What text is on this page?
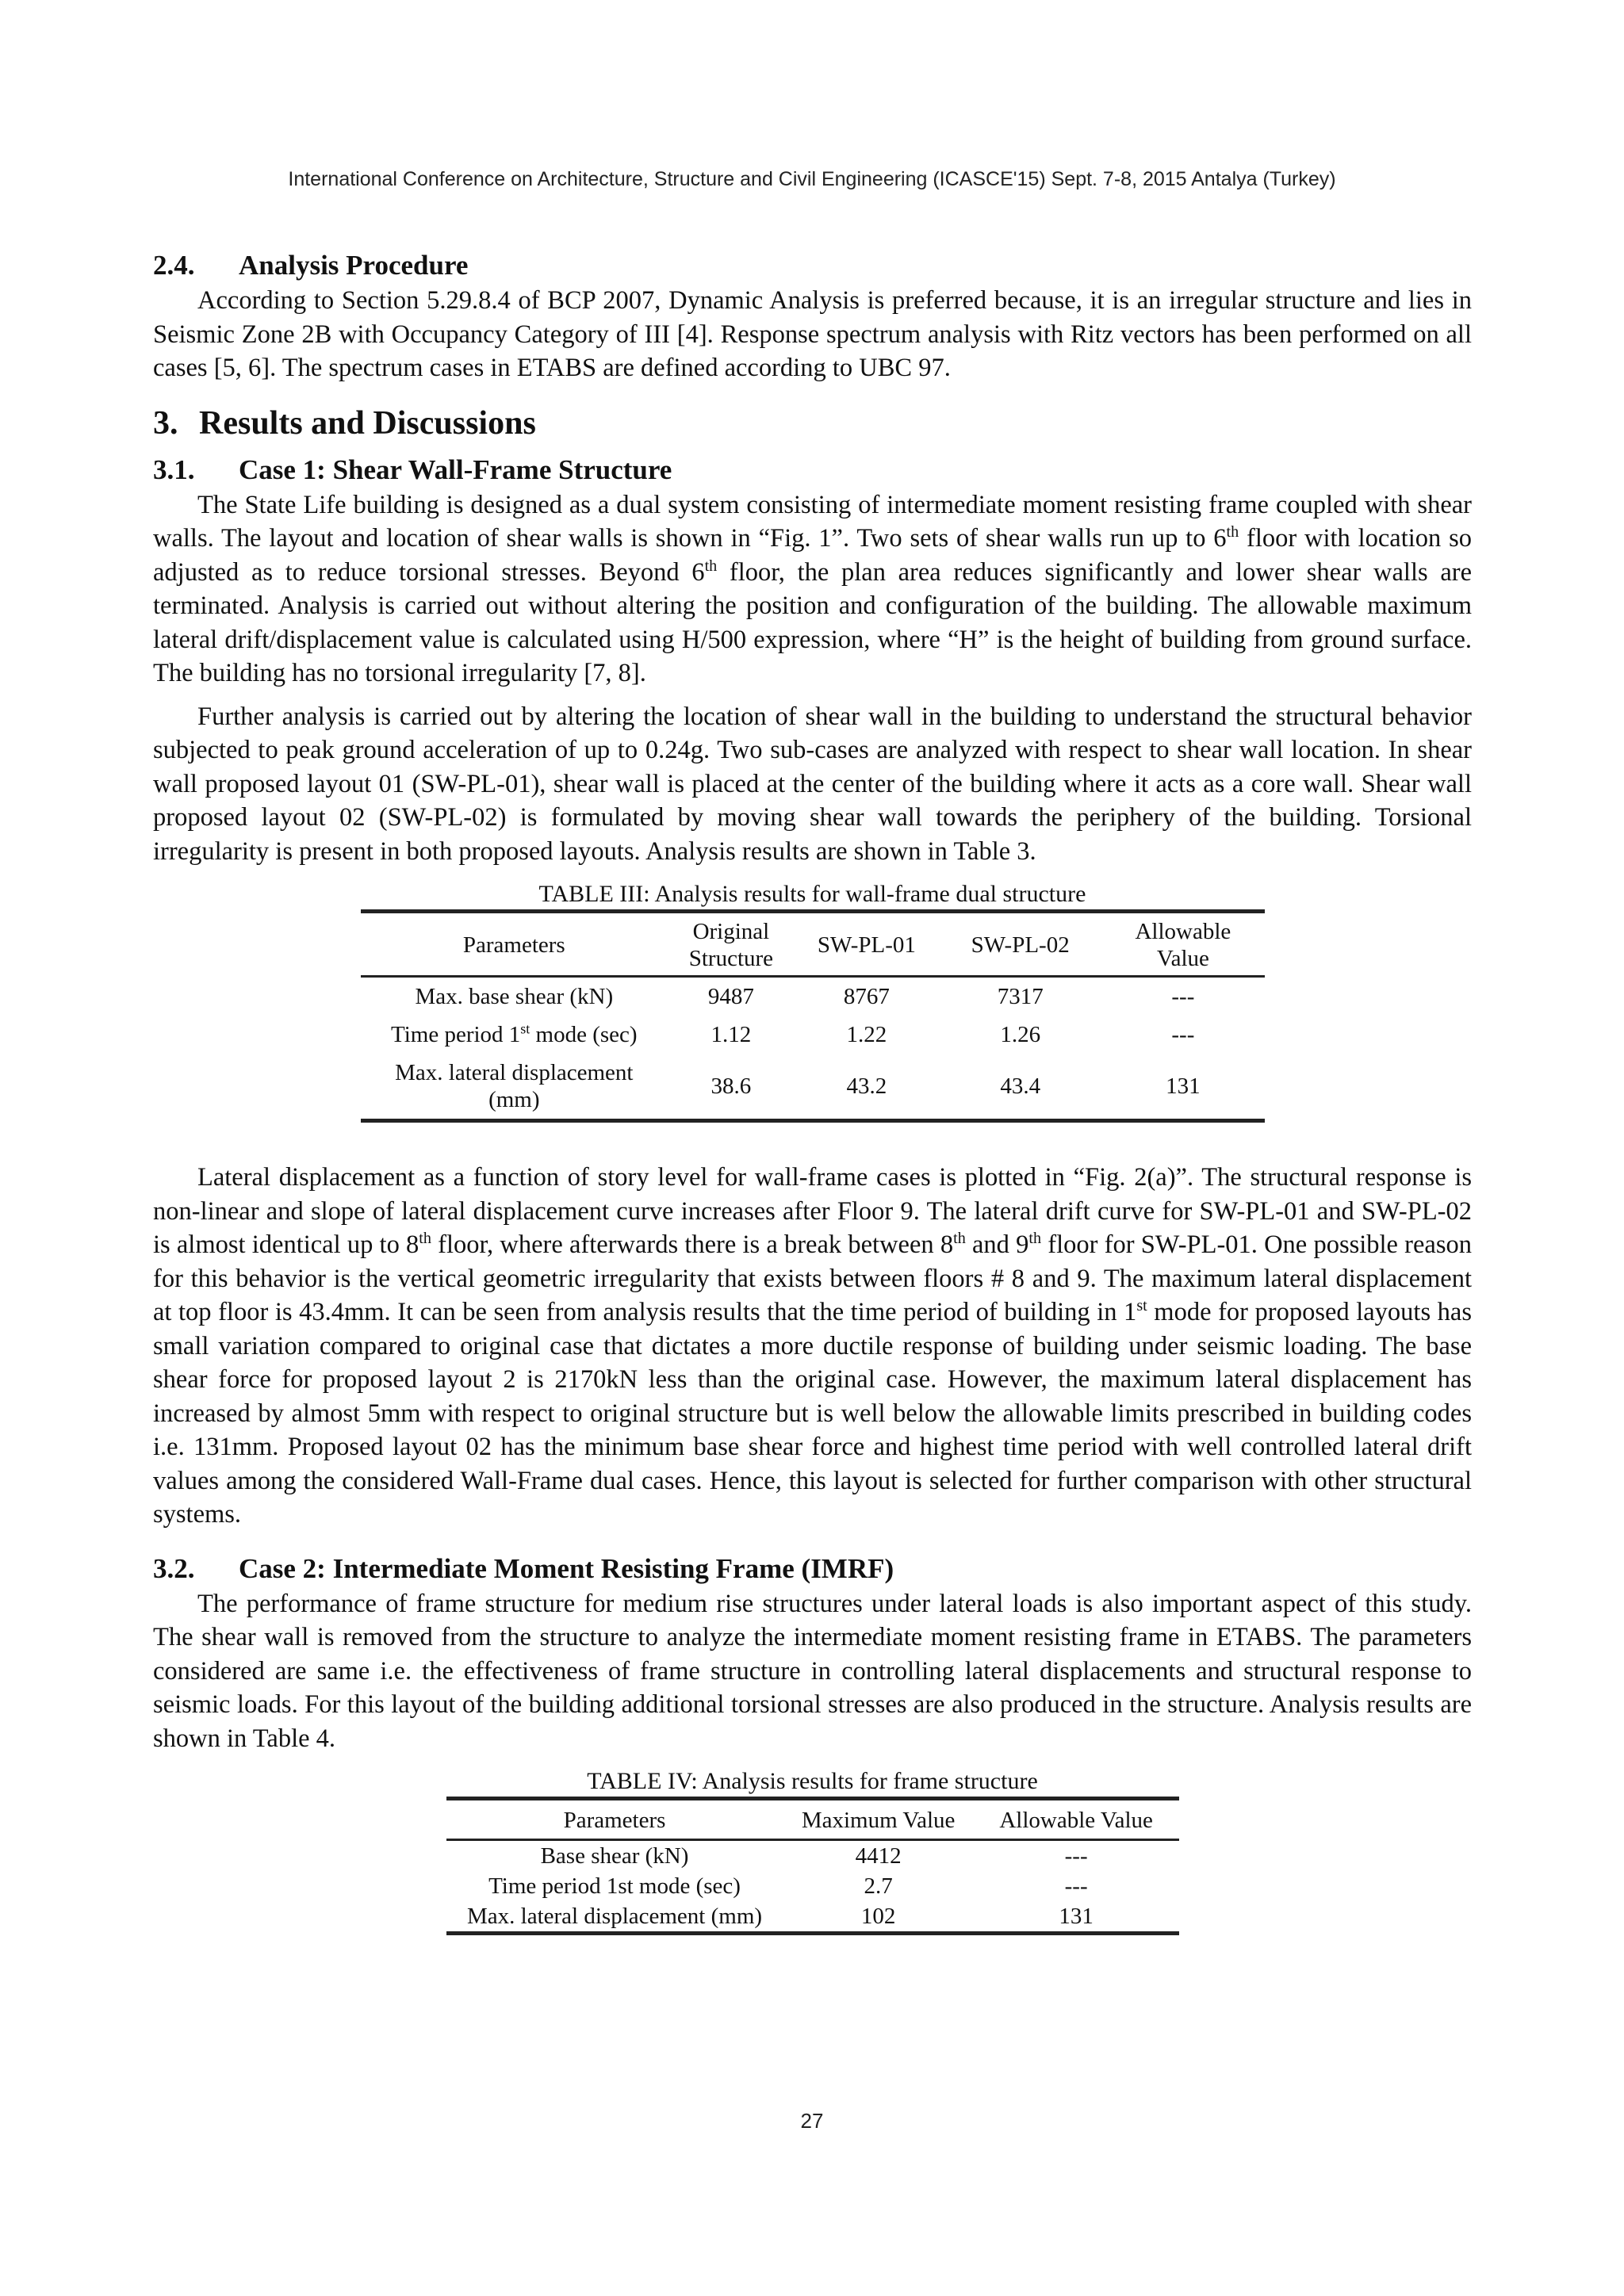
International Conference on Architecture, Structure and Civil Engineering (ICASCE'15) Sept. 7-8, 2015 Antalya (Turkey)
2.4. Analysis Procedure

According to Section 5.29.8.4 of BCP 2007, Dynamic Analysis is preferred because, it is an irregular structure and lies in Seismic Zone 2B with Occupancy Category of III [4]. Response spectrum analysis with Ritz vectors has been performed on all cases [5, 6]. The spectrum cases in ETABS are defined according to UBC 97.

3. Results and Discussions
3.1. Case 1: Shear Wall-Frame Structure

The State Life building is designed as a dual system consisting of intermediate moment resisting frame coupled with shear walls. The layout and location of shear walls is shown in “Fig. 1”. Two sets of shear walls run up to 6th floor with location so adjusted as to reduce torsional stresses. Beyond 6th floor, the plan area reduces significantly and lower shear walls are terminated. Analysis is carried out without altering the position and configuration of the building. The allowable maximum lateral drift/displacement value is calculated using H/500 expression, where “H” is the height of building from ground surface. The building has no torsional irregularity [7, 8].

Further analysis is carried out by altering the location of shear wall in the building to understand the structural behavior subjected to peak ground acceleration of up to 0.24g. Two sub-cases are analyzed with respect to shear wall location. In shear wall proposed layout 01 (SW-PL-01), shear wall is placed at the center of the building where it acts as a core wall. Shear wall proposed layout 02 (SW-PL-02) is formulated by moving shear wall towards the periphery of the building. Torsional irregularity is present in both proposed layouts. Analysis results are shown in Table 3.

TABLE III: Analysis results for wall-frame dual structure
Parameters	Original Structure	SW-PL-01	SW-PL-02	Allowable Value
Max. base shear (kN)	9487	8767	7317	---
Time period 1st mode (sec)	1.12	1.22	1.26	---
Max. lateral displacement (mm)	38.6	43.2	43.4	131

Lateral displacement as a function of story level for wall-frame cases is plotted in “Fig. 2(a)”. The structural response is non-linear and slope of lateral displacement curve increases after Floor 9. The lateral drift curve for SW-PL-01 and SW-PL-02 is almost identical up to 8th floor, where afterwards there is a break between 8th and 9th floor for SW-PL-01. One possible reason for this behavior is the vertical geometric irregularity that exists between floors # 8 and 9. The maximum lateral displacement at top floor is 43.4mm. It can be seen from analysis results that the time period of building in 1st mode for proposed layouts has small variation compared to original case that dictates a more ductile response of building under seismic loading. The base shear force for proposed layout 2 is 2170kN less than the original case. However, the maximum lateral displacement has increased by almost 5mm with respect to original structure but is well below the allowable limits prescribed in building codes i.e. 131mm. Proposed layout 02 has the minimum base shear force and highest time period with well controlled lateral drift values among the considered Wall-Frame dual cases. Hence, this layout is selected for further comparison with other structural systems.

3.2. Case 2: Intermediate Moment Resisting Frame (IMRF)

The performance of frame structure for medium rise structures under lateral loads is also important aspect of this study. The shear wall is removed from the structure to analyze the intermediate moment resisting frame in ETABS. The parameters considered are same i.e. the effectiveness of frame structure in controlling lateral displacements and structural response to seismic loads. For this layout of the building additional torsional stresses are also produced in the structure. Analysis results are shown in Table 4.

TABLE IV: Analysis results for frame structure
Parameters	Maximum Value	Allowable Value
Base shear (kN)	4412	---
Time period 1st mode (sec)	2.7	---
Max. lateral displacement (mm)	102	131
27
